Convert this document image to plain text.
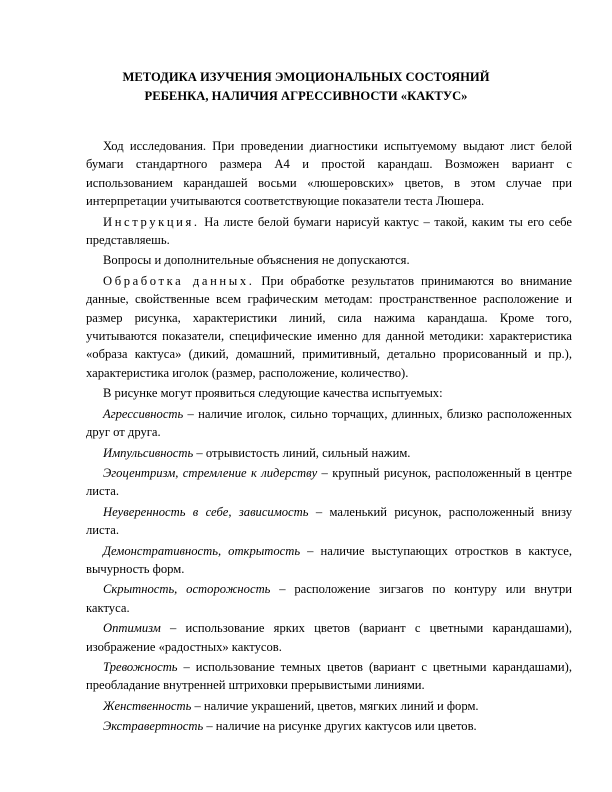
МЕТОДИКА ИЗУЧЕНИЯ ЭМОЦИОНАЛЬНЫХ СОСТОЯНИЙ
РЕБЕНКА, НАЛИЧИЯ АГРЕССИВНОСТИ «КАКТУС»

Ход исследования. При проведении диагностики испытуемому выдают лист белой бумаги стандартного размера А4 и простой карандаш. Возможен вариант с использованием карандашей восьми «люшеровских» цветов, в этом случае при интерпретации учитываются соответствующие показатели теста Люшера.

Инструкция. На листе белой бумаги нарисуй кактус – такой, каким ты его себе представляешь.

Вопросы и дополнительные объяснения не допускаются.

Обработка данных. При обработке результатов принимаются во внимание данные, свойственные всем графическим методам: пространственное расположение и размер рисунка, характеристики линий, сила нажима карандаша. Кроме того, учитываются показатели, специфические именно для данной методики: характеристика «образа кактуса» (дикий, домашний, примитивный, детально прорисованный и пр.), характеристика иголок (размер, расположение, количество).

В рисунке могут проявиться следующие качества испытуемых:

Агрессивность – наличие иголок, сильно торчащих, длинных, близко расположенных друг от друга.

Импульсивность – отрывистость линий, сильный нажим.

Эгоцентризм, стремление к лидерству – крупный рисунок, расположенный в центре листа.

Неуверенность в себе, зависимость – маленький рисунок, расположенный внизу листа.

Демонстративность, открытость – наличие выступающих отростков в кактусе, вычурность форм.

Скрытность, осторожность – расположение зигзагов по контуру или внутри кактуса.

Оптимизм – использование ярких цветов (вариант с цветными карандашами), изображение «радостных» кактусов.

Тревожность – использование темных цветов (вариант с цветными карандашами), преобладание внутренней штриховки прерывистыми линиями.

Женственность – наличие украшений, цветов, мягких линий и форм.

Экстравертность – наличие на рисунке других кактусов или цветов.
